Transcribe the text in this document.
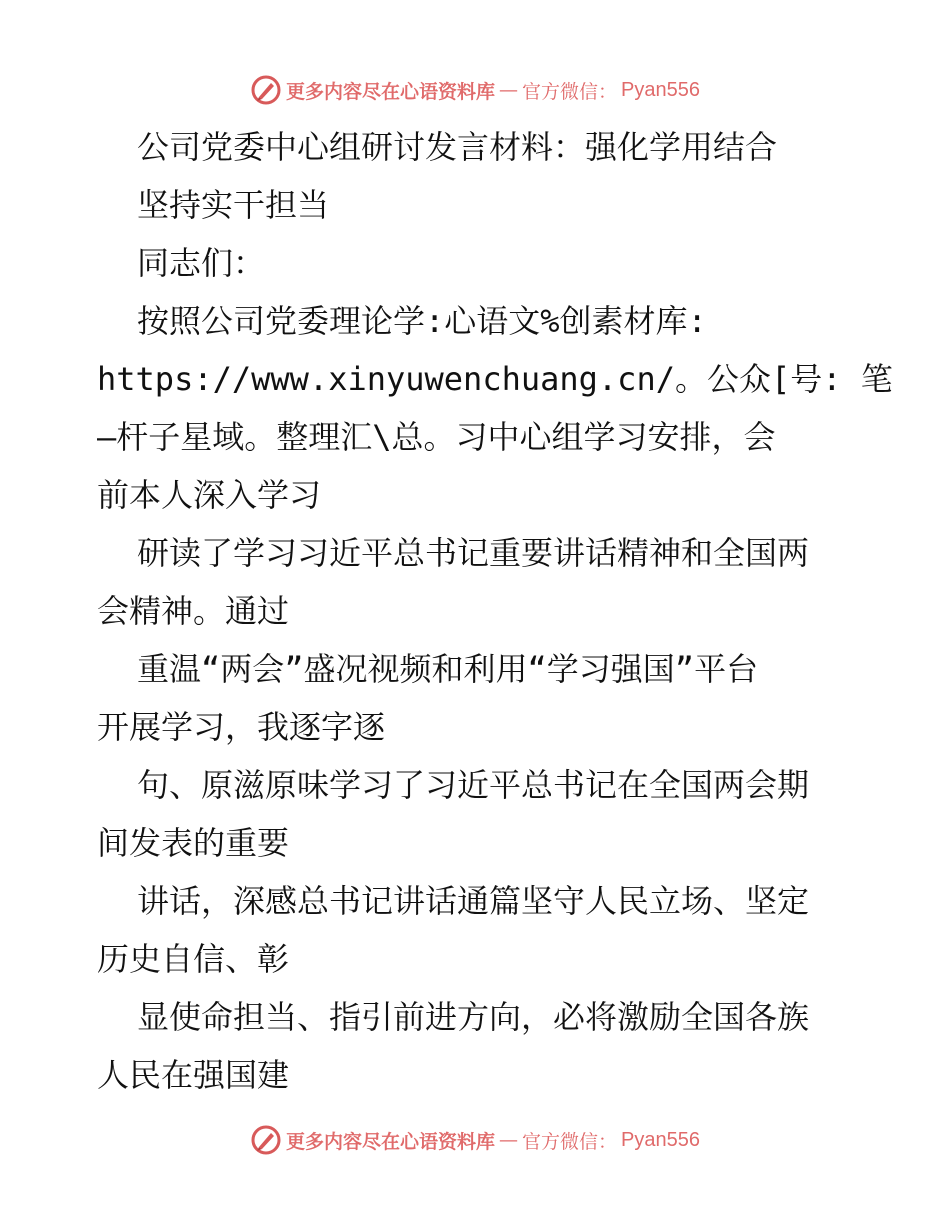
更多内容尽在心语资料库 — 官方微信： Pyan556
公司党委中心组研讨发言材料：强化学用结合
坚持实干担当
同志们：
按照公司党委理论学:心语文%创素材库:
https://www.xinyuwenchuang.cn/。公众[号: 笔
—杆子星域。整理汇\总。习中心组学习安排，会
前本人深入学习
研读了学习习近平总书记重要讲话精神和全国两
会精神。通过
重温“两会”盛况视频和利用“学习强国”平台
开展学习，我逐字逐
句、原滋原味学习了习近平总书记在全国两会期
间发表的重要
讲话，深感总书记讲话通篇坚守人民立场、坚定
历史自信、彰
显使命担当、指引前进方向，必将激励全国各族
人民在强国建
更多内容尽在心语资料库 — 官方微信： Pyan556
